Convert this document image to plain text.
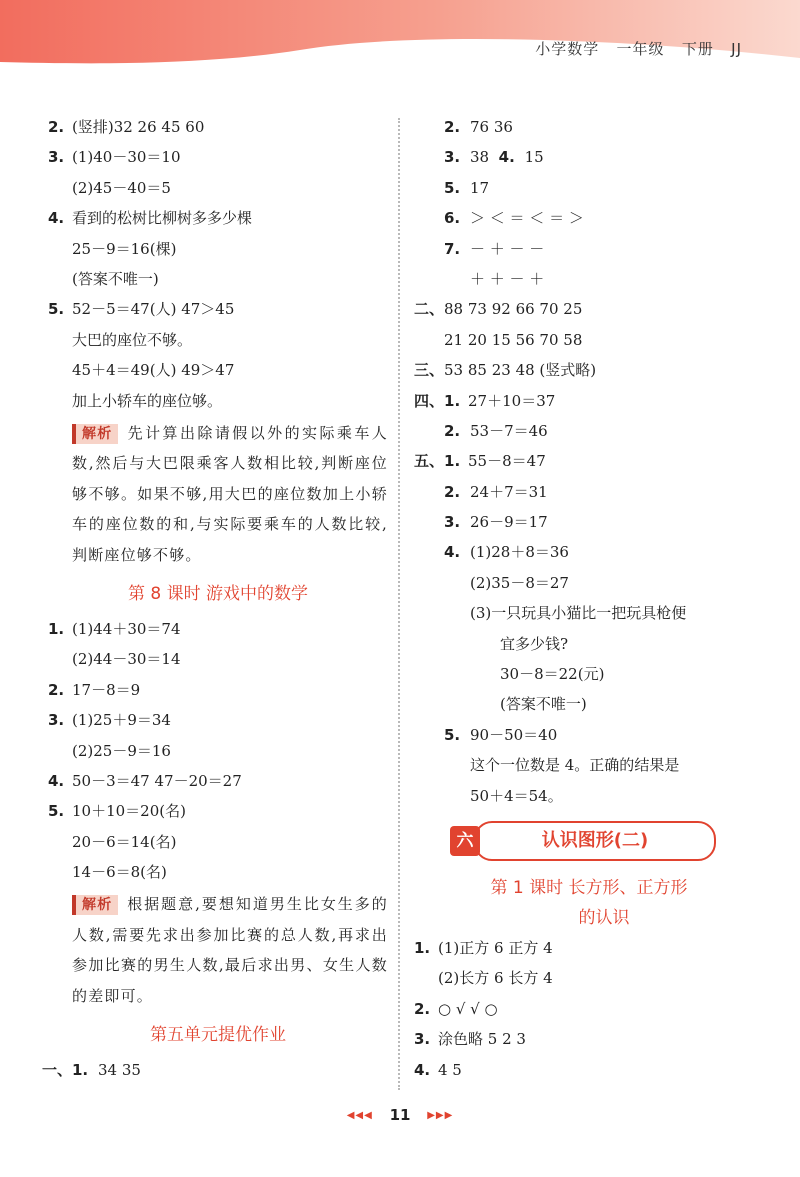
小学数学   一年级   下册   JJ
2. (竖排)32 26 45 60
3. (1)40－30＝10
(2)45－40＝5
4. 看到的松树比柳树多多少棵
25－9＝16(棵)
(答案不唯一)
5. 52－5＝47(人) 47＞45
大巴的座位不够。
45＋4＝49(人) 49＞47
加上小轿车的座位够。
解析 先计算出除请假以外的实际乘车人数,然后与大巴限乘客人数相比较,判断座位够不够。如果不够,用大巴的座位数加上小轿车的座位数的和,与实际要乘车的人数比较,判断座位够不够。
第 8 课时 游戏中的数学
1. (1)44＋30＝74
(2)44－30＝14
2. 17－8＝9
3. (1)25＋9＝34
(2)25－9＝16
4. 50－3＝47 47－20＝27
5. 10＋10＝20(名)
20－6＝14(名)
14－6＝8(名)
解析 根据题意,要想知道男生比女生多的人数,需要先求出参加比赛的总人数,再求出参加比赛的男生人数,最后求出男、女生人数的差即可。
第五单元提优作业
一、1. 34 35
2. 76 36
3. 38 4. 15
5. 17
6. ＞ ＜ ＝ ＜ ＝ ＞
7. － ＋ － －
＋ ＋ － ＋
二、88 73 92 66 70 25
21 20 15 56 70 58
三、53 85 23 48 (竖式略)
四、1. 27＋10＝37
2. 53－7＝46
五、1. 55－8＝47
2. 24＋7＝31
3. 26－9＝17
4. (1)28＋8＝36
(2)35－8＝27
(3)一只玩具小猫比一把玩具枪便
宜多少钱?
30－8＝22(元)
(答案不唯一)
5. 90－50＝40
这个一位数是 4。正确的结果是
50＋4＝54。
六	认识图形(二)
第 1 课时 长方形、正方形
的认识
1. (1)正方 6 正方 4
(2)长方 6 长方 4
2. ○ √ √ ○
3. 涂色略 5 2 3
4. 4 5
◀◀◀ 11 ▶▶▶
